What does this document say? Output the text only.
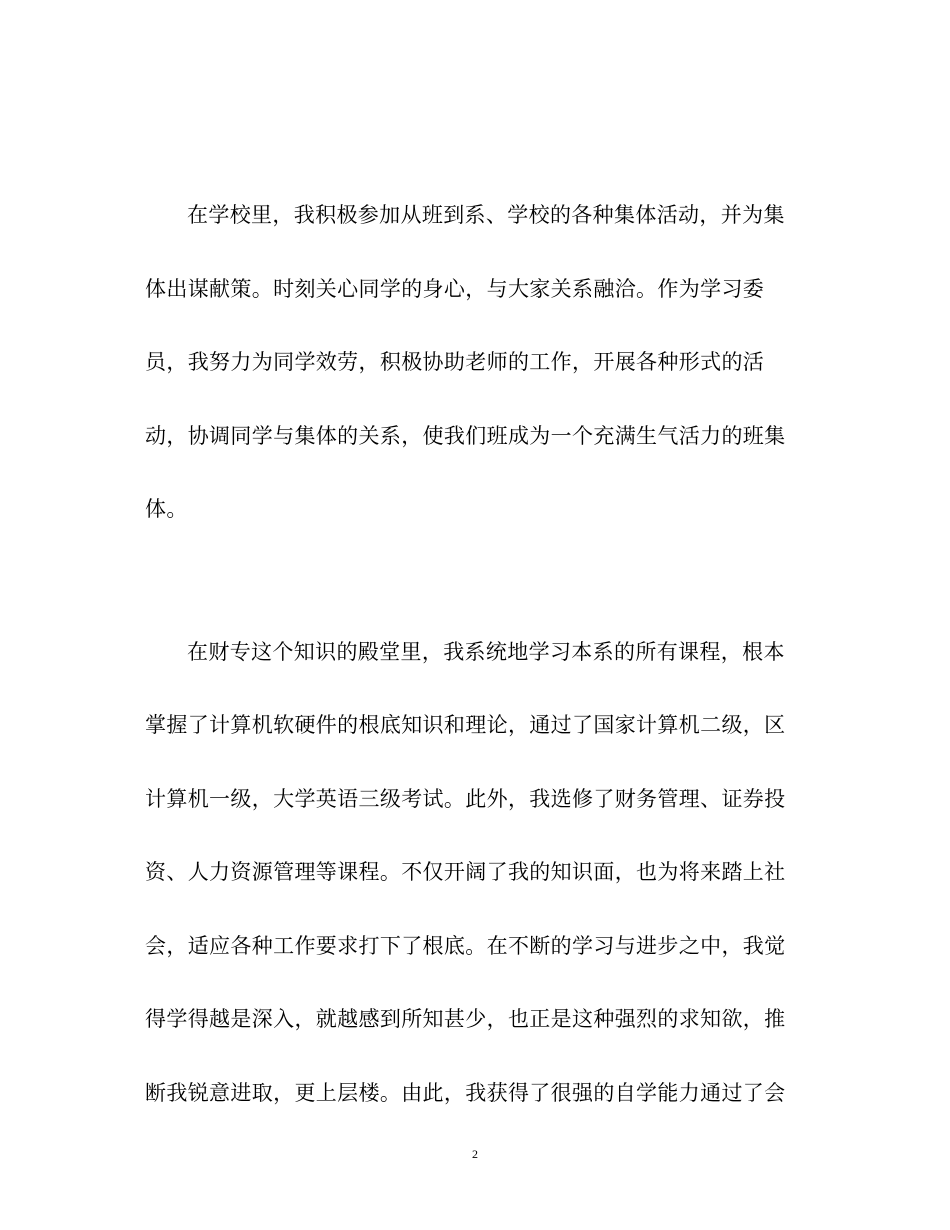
在学校里，我积极参加从班到系、学校的各种集体活动，并为集
体出谋献策。时刻关心同学的身心，与大家关系融洽。作为学习委
员，我努力为同学效劳，积极协助老师的工作，开展各种形式的活
动，协调同学与集体的关系，使我们班成为一个充满生气活力的班集
体。
在财专这个知识的殿堂里，我系统地学习本系的所有课程，根本
掌握了计算机软硬件的根底知识和理论，通过了国家计算机二级，区
计算机一级，大学英语三级考试。此外，我选修了财务管理、证券投
资、人力资源管理等课程。不仅开阔了我的知识面，也为将来踏上社
会，适应各种工作要求打下了根底。在不断的学习与进步之中，我觉
得学得越是深入，就越感到所知甚少，也正是这种强烈的求知欲，推
断我锐意进取，更上层楼。由此，我获得了很强的自学能力通过了会
2
